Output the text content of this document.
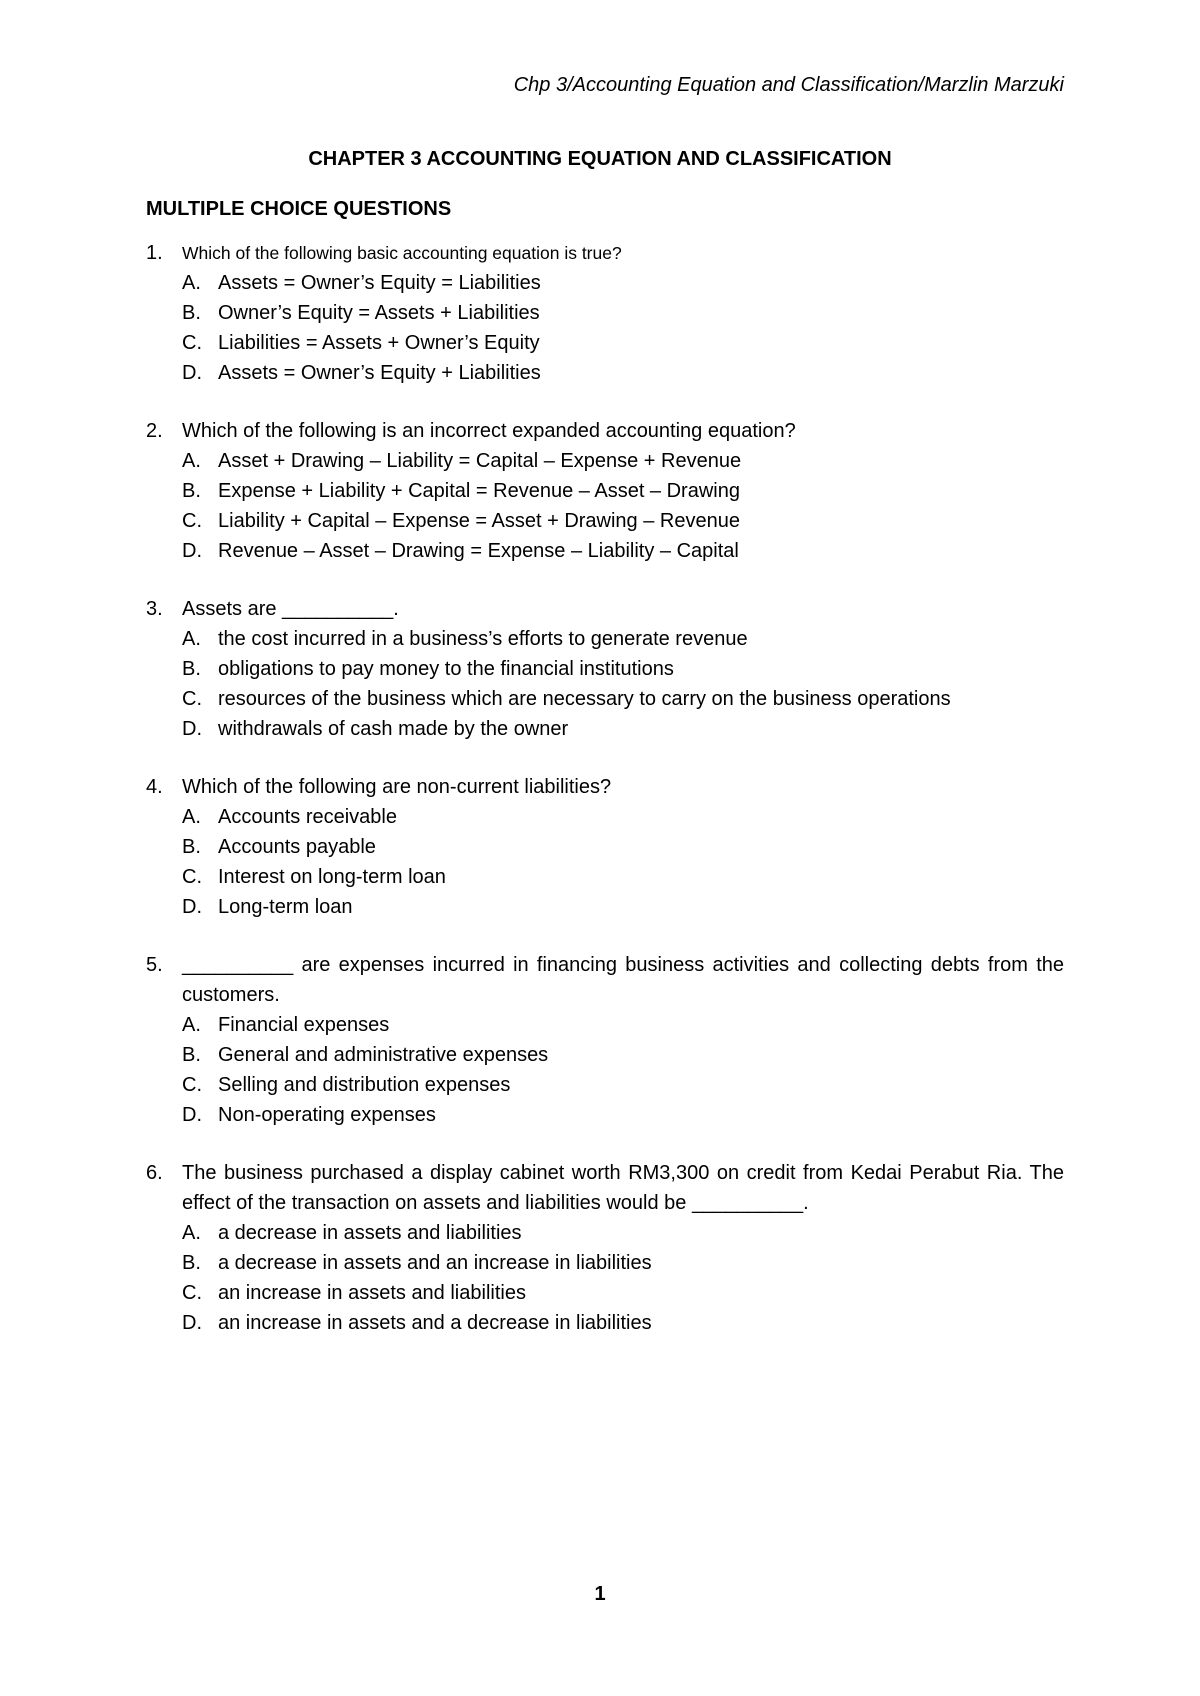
Chp 3/Accounting Equation and Classification/Marzlin Marzuki
CHAPTER 3 ACCOUNTING EQUATION AND CLASSIFICATION
MULTIPLE CHOICE QUESTIONS
1.	Which of the following basic accounting equation is true?
A. Assets = Owner’s Equity = Liabilities
B. Owner’s Equity = Assets + Liabilities
C. Liabilities = Assets + Owner’s Equity
D. Assets = Owner’s Equity + Liabilities
2. Which of the following is an incorrect expanded accounting equation?
A. Asset + Drawing – Liability = Capital – Expense + Revenue
B. Expense + Liability + Capital = Revenue – Asset – Drawing
C. Liability + Capital – Expense = Asset + Drawing – Revenue
D. Revenue – Asset – Drawing = Expense – Liability – Capital
3. Assets are __________.
A. the cost incurred in a business’s efforts to generate revenue
B. obligations to pay money to the financial institutions
C. resources of the business which are necessary to carry on the business operations
D. withdrawals of cash made by the owner
4. Which of the following are non-current liabilities?
A. Accounts receivable
B. Accounts payable
C. Interest on long-term loan
D. Long-term loan
5. __________ are expenses incurred in financing business activities and collecting debts from the customers.
A. Financial expenses
B. General and administrative expenses
C. Selling and distribution expenses
D. Non-operating expenses
6. The business purchased a display cabinet worth RM3,300 on credit from Kedai Perabut Ria. The effect of the transaction on assets and liabilities would be __________.
A. a decrease in assets and liabilities
B. a decrease in assets and an increase in liabilities
C. an increase in assets and liabilities
D. an increase in assets and a decrease in liabilities
1
